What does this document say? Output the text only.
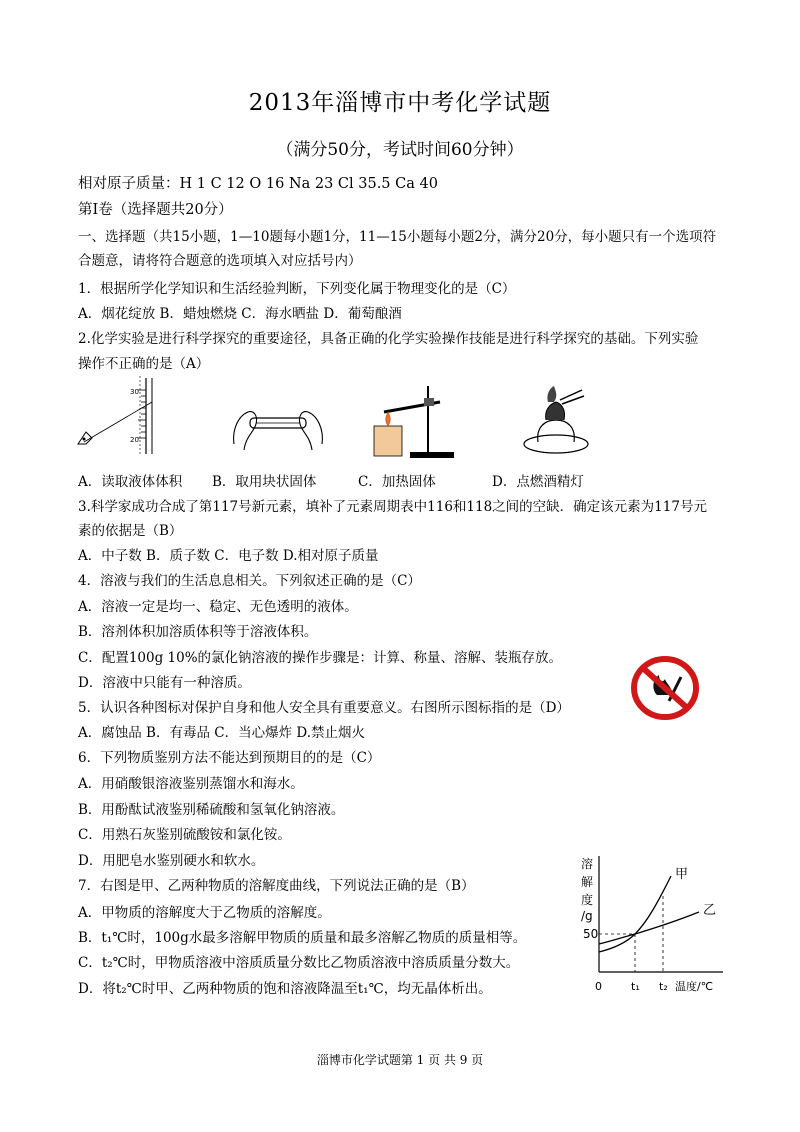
2013年淄博市中考化学试题
（满分50分，考试时间60分钟）
相对原子质量：H 1 C 12 O 16 Na 23 Cl 35.5 Ca 40
第Ⅰ卷（选择题共20分）
一、选择题（共15小题，1—10题每小题1分，11—15小题每小题2分，满分20分，每小题只有一个选项符
合题意，请将符合题意的选项填入对应括号内）
1．根据所学化学知识和生活经验判断，下列变化属于物理变化的是（C）
A．烟花绽放 B．蜡烛燃烧 C．海水晒盐 D．葡萄酿酒
2.化学实验是进行科学探究的重要途径，具备正确的化学实验操作技能是进行科学探究的基础。下列实验
操作不正确的是（A）
30
20
A．读取液体体积 B．取用块状固体	C．加热固体	D．点燃酒精灯
3.科学家成功合成了第117号新元素，填补了元素周期表中116和118之间的空缺．确定该元素为117号元
素的依据是（B）
A．中子数 B．质子数 C．电子数 D.相对原子质量
4．溶液与我们的生活息息相关。下列叙述正确的是（C）
A．溶液一定是均一、稳定、无色透明的液体。
B．溶剂体积加溶质体积等于溶液体积。
C．配置100g 10%的氯化钠溶液的操作步骤是：计算、称量、溶解、装瓶存放。
D．溶液中只能有一种溶质。
5．认识各种图标对保护自身和他人安全具有重要意义。右图所示图标指的是（D）
A．腐蚀品 B．有毒品 C．当心爆炸 D.禁止烟火
6．下列物质鉴别方法不能达到预期目的的是（C）
A．用硝酸银溶液鉴别蒸馏水和海水。
B．用酚酞试液鉴别稀硫酸和氢氧化钠溶液。
C．用熟石灰鉴别硫酸铵和氯化铵。
D．用肥皂水鉴别硬水和软水。
7．右图是甲、乙两种物质的溶解度曲线，下列说法正确的是（B）
A．甲物质的溶解度大于乙物质的溶解度。
B．t₁℃时，100g水最多溶解甲物质的质量和最多溶解乙物质的质量相等。
C．t₂℃时，甲物质溶液中溶质质量分数比乙物质溶液中溶质质量分数大。
D．将t₂℃时甲、乙两种物质的饱和溶液降温至t₁℃，均无晶体析出。
溶
解
度
/g
甲
乙
50
0	t₁ t₂ 温度/℃
淄博市化学试题第 1 页 共 9 页
